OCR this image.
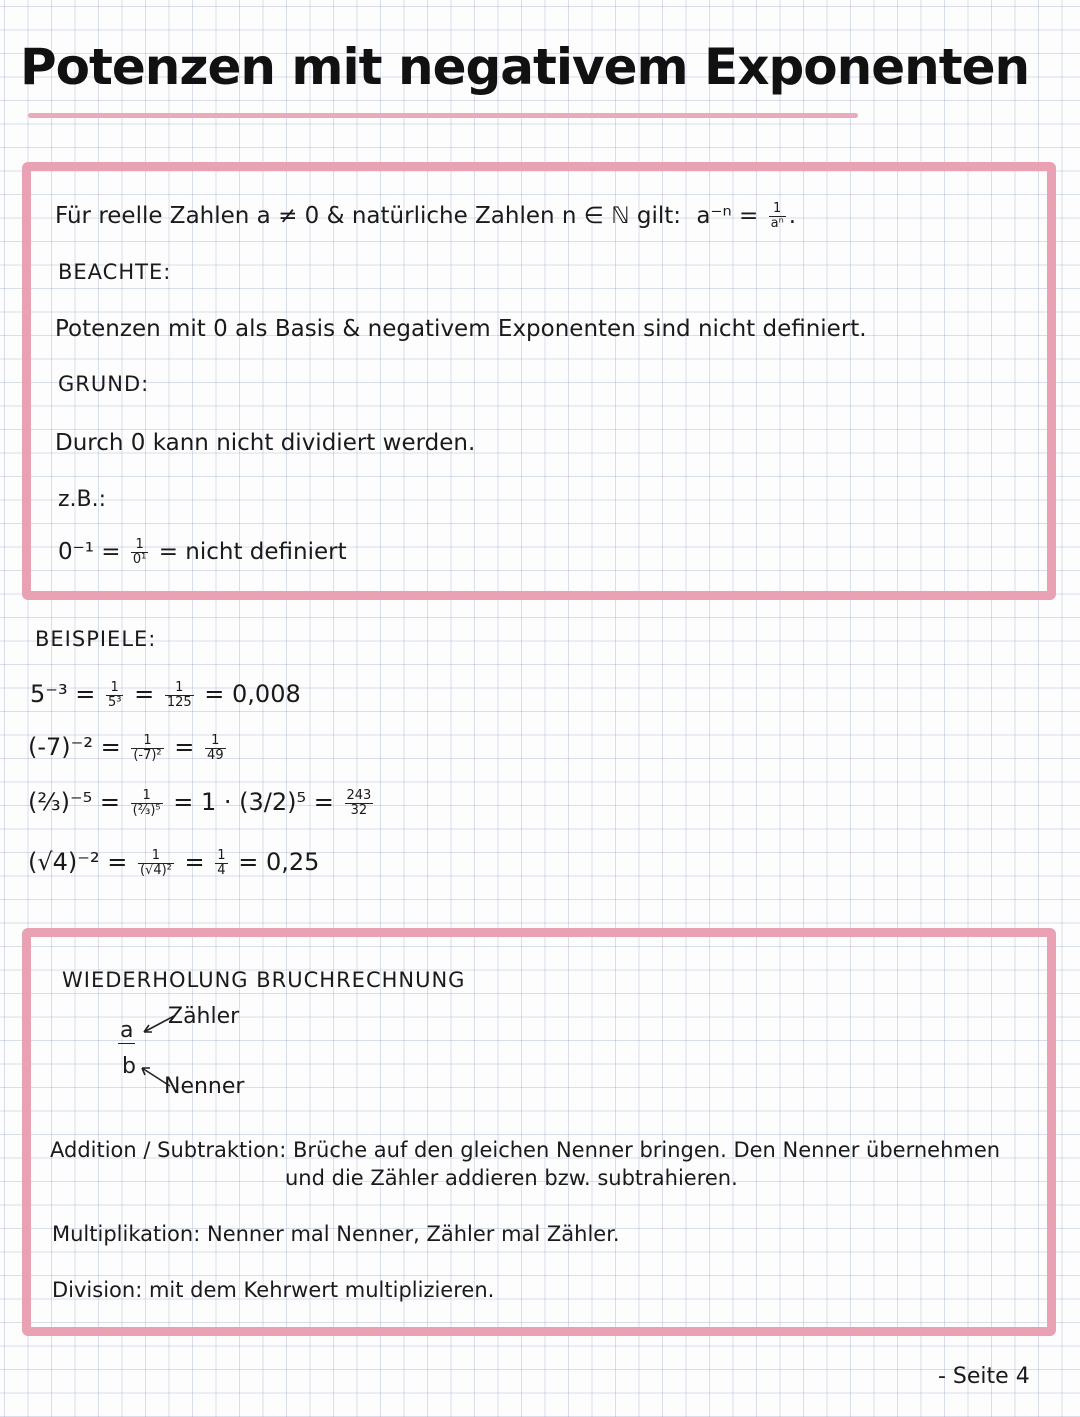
Potenzen mit negativem Exponenten
Für reelle Zahlen a ≠ 0 & natürliche Zahlen n ∈ ℕ gilt: $a^{-n} = \frac{1}{\text{aⁿ}}$ .
BEACHTE:
Potenzen mit 0 als Basis & negativem Exponenten sind nicht definiert.
GRUND:
Durch 0 kann nicht dividiert werden.
z.B.:
$0^{-1} = \frac{1}{\text{0¹}}$ = nicht definiert
BEISPIELE:
$5^{-3} = \frac{1}{\text{5³}} = \frac{1}{125} = 0,008$
$(-7)^{-2} = \frac{1}{\text{(-7)²}} = \frac{1}{49}$
(⅔)⁻⁵ = $\frac{1}{\text{(⅔)⁵}} = 1 \cdot (3/2)^5 = \frac{243}{32}$
$(√4)^{-2} = \frac{1}{\text{(√4)²}} = \frac{1}{4} = 0,25$
WIEDERHOLUNG BRUCHRECHNUNG
a
b
Zähler
Nenner
Addition / Subtraktion: Brüche auf den gleichen Nenner bringen. Den Nenner übernehmen
und die Zähler addieren bzw. subtrahieren.
Multiplikation: Nenner mal Nenner, Zähler mal Zähler.
Division: mit dem Kehrwert multiplizieren.
- Seite 4
